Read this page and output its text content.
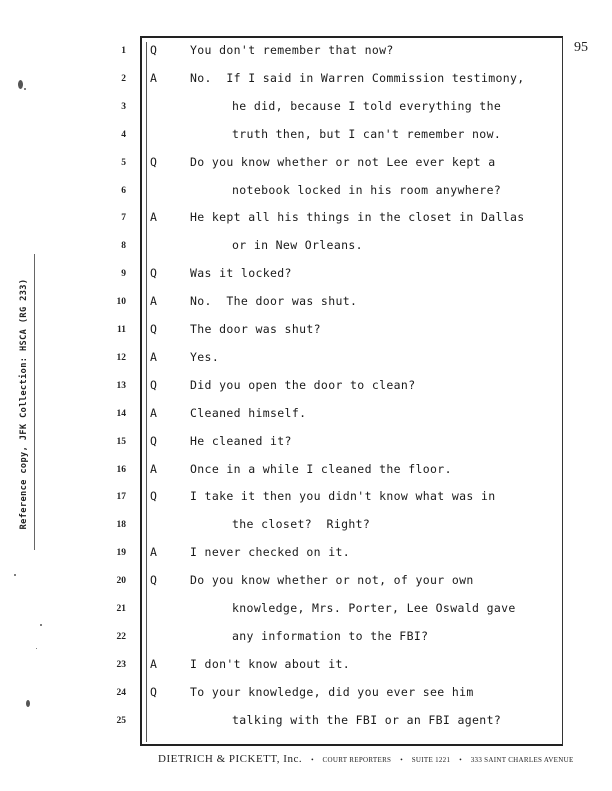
95
Reference copy, JFK Collection: HSCA (RG 233)
1 Q	You don't remember that now?
2 A	No.  If I said in Warren Commission testimony,
3	he did, because I told everything the
4	truth then, but I can't remember now.
5 Q	Do you know whether or not Lee ever kept a
6	notebook locked in his room anywhere?
7 A	He kept all his things in the closet in Dallas
8	or in New Orleans.
9 Q	Was it locked?
10 A	No.  The door was shut.
11 Q	The door was shut?
12 A	Yes.
13 Q	Did you open the door to clean?
14 A	Cleaned himself.
15 Q	He cleaned it?
16 A	Once in a while I cleaned the floor.
17 Q	I take it then you didn't know what was in
18	the closet?  Right?
19 A	I never checked on it.
20 Q	Do you know whether or not, of your own
21	knowledge, Mrs. Porter, Lee Oswald gave
22	any information to the FBI?
23 A	I don't know about it.
24 Q	To your knowledge, did you ever see him
25	talking with the FBI or an FBI agent?
DIETRICH & PICKETT, Inc. • COURT REPORTERS • SUITE 1221 • 333 SAINT CHARLES AVENUE
